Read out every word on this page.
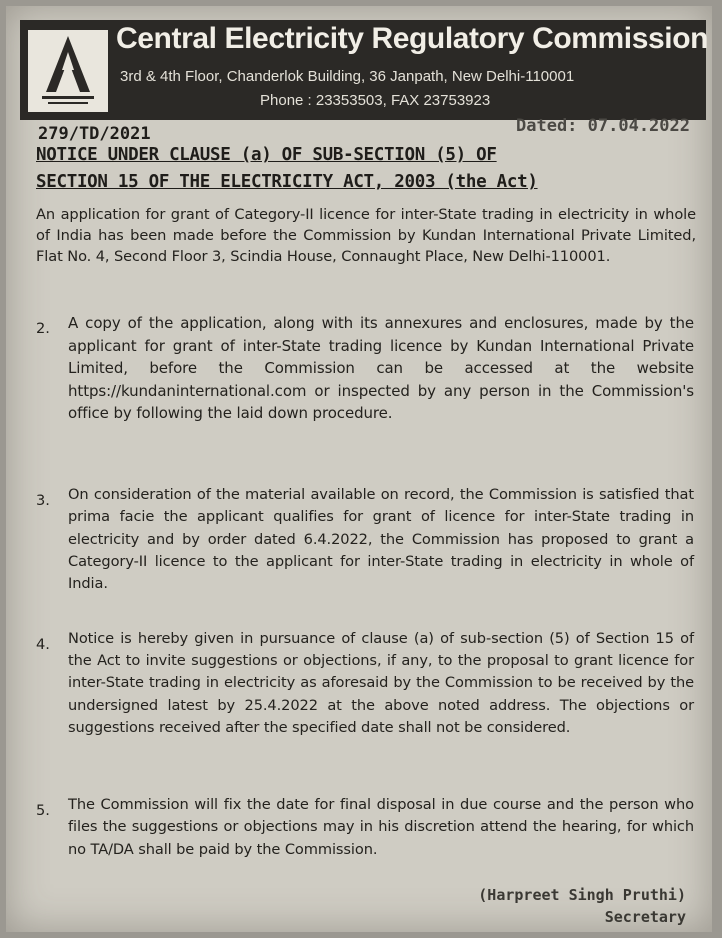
Central Electricity Regulatory Commission
3rd & 4th Floor, Chanderlok Building, 36 Janpath, New Delhi-110001
Phone : 23353503, FAX 23753923
279/TD/2021	Dated: 07.04.2022
NOTICE UNDER CLAUSE (a) OF SUB-SECTION (5) OF
SECTION 15 OF THE ELECTRICITY ACT, 2003 (the Act)
An application for grant of Category-II licence for inter-State trading in electricity in whole of India has been made before the Commission by Kundan International Private Limited, Flat No. 4, Second Floor 3, Scindia House, Connaught Place, New Delhi-110001.
2. A copy of the application, along with its annexures and enclosures, made by the applicant for grant of inter-State trading licence by Kundan International Private Limited, before the Commission can be accessed at the website https://kundaninternational.com or inspected by any person in the Commission's office by following the laid down procedure.
3. On consideration of the material available on record, the Commission is satisfied that prima facie the applicant qualifies for grant of licence for inter-State trading in electricity and by order dated 6.4.2022, the Commission has proposed to grant a Category-II licence to the applicant for inter-State trading in electricity in whole of India.
4. Notice is hereby given in pursuance of clause (a) of sub-section (5) of Section 15 of the Act to invite suggestions or objections, if any, to the proposal to grant licence for inter-State trading in electricity as aforesaid by the Commission to be received by the undersigned latest by 25.4.2022 at the above noted address. The objections or suggestions received after the specified date shall not be considered.
5. The Commission will fix the date for final disposal in due course and the person who files the suggestions or objections may in his discretion attend the hearing, for which no TA/DA shall be paid by the Commission.
(Harpreet Singh Pruthi)
Secretary
